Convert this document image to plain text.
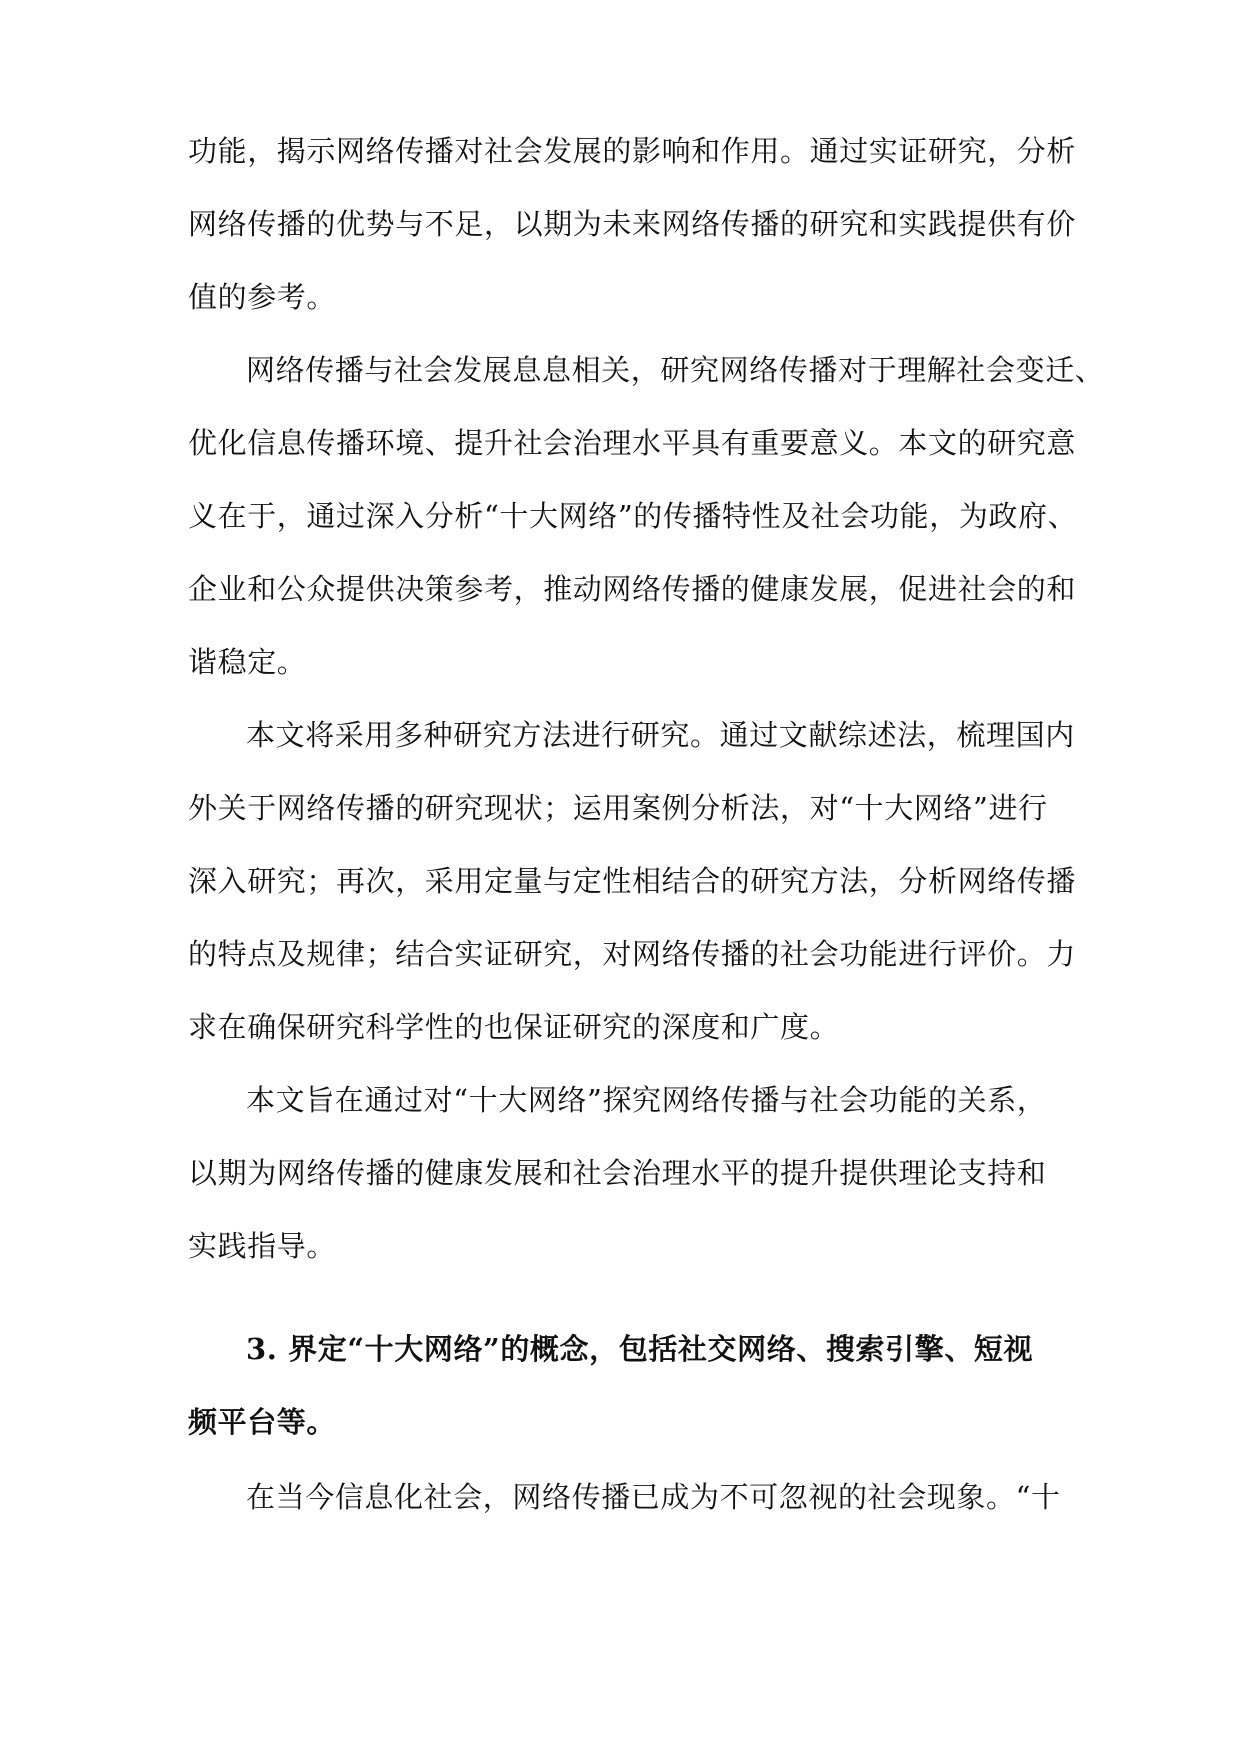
功能，揭示网络传播对社会发展的影响和作用。通过实证研究，分析
网络传播的优势与不足，以期为未来网络传播的研究和实践提供有价
值的参考。
网络传播与社会发展息息相关，研究网络传播对于理解社会变迁、
优化信息传播环境、提升社会治理水平具有重要意义。本文的研究意
义在于，通过深入分析“十大网络”的传播特性及社会功能，为政府、
企业和公众提供决策参考，推动网络传播的健康发展，促进社会的和
谐稳定。
本文将采用多种研究方法进行研究。通过文献综述法，梳理国内
外关于网络传播的研究现状；运用案例分析法，对“十大网络”进行
深入研究；再次，采用定量与定性相结合的研究方法，分析网络传播
的特点及规律；结合实证研究，对网络传播的社会功能进行评价。力
求在确保研究科学性的也保证研究的深度和广度。
本文旨在通过对“十大网络”探究网络传播与社会功能的关系，
以期为网络传播的健康发展和社会治理水平的提升提供理论支持和
实践指导。
3. 界定“十大网络”的概念，包括社交网络、搜索引擎、短视
频平台等。
在当今信息化社会，网络传播已成为不可忽视的社会现象。“十
